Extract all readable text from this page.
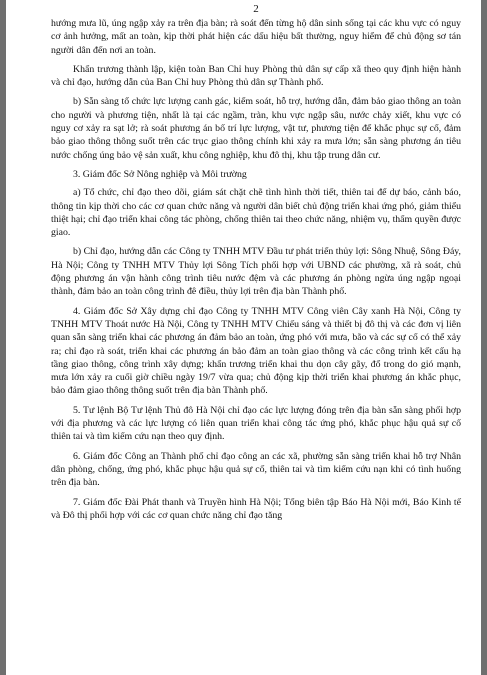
2

hướng mưa lũ, úng ngập xảy ra trên địa bàn; rà soát đến từng hộ dân sinh sống tại các khu vực có nguy cơ ảnh hưởng, mất an toàn, kịp thời phát hiện các dấu hiệu bất thường, nguy hiểm để chủ động sơ tán người dân đến nơi an toàn.

Khẩn trương thành lập, kiện toàn Ban Chỉ huy Phòng thủ dân sự cấp xã theo quy định hiện hành và chỉ đạo, hướng dẫn của Ban Chỉ huy Phòng thủ dân sự Thành phố.

b) Sẵn sàng tổ chức lực lượng canh gác, kiểm soát, hỗ trợ, hướng dẫn, đảm bảo giao thông an toàn cho người và phương tiện, nhất là tại các ngầm, tràn, khu vực ngập sâu, nước chảy xiết, khu vực có nguy cơ xảy ra sạt lở; rà soát phương án bố trí lực lượng, vật tư, phương tiện để khắc phục sự cố, đảm bảo giao thông thông suốt trên các trục giao thông chính khi xảy ra mưa lớn; sẵn sàng phương án tiêu nước chống úng bảo vệ sản xuất, khu công nghiệp, khu đô thị, khu tập trung dân cư.

3. Giám đốc Sở Nông nghiệp và Môi trường

a) Tổ chức, chỉ đạo theo dõi, giám sát chặt chẽ tình hình thời tiết, thiên tai để dự báo, cảnh báo, thông tin kịp thời cho các cơ quan chức năng và người dân biết chủ động triển khai ứng phó, giảm thiểu thiệt hại; chỉ đạo triển khai công tác phòng, chống thiên tai theo chức năng, nhiệm vụ, thẩm quyền được giao.

b) Chỉ đạo, hướng dẫn các Công ty TNHH MTV Đầu tư phát triển thủy lợi: Sông Nhuệ, Sông Đáy, Hà Nội; Công ty TNHH MTV Thủy lợi Sông Tích phối hợp với UBND các phường, xã rà soát, chủ động phương án vận hành công trình tiêu nước đệm và các phương án phòng ngừa úng ngập ngoại thành, đảm bảo an toàn công trình đê điều, thủy lợi trên địa bàn Thành phố.

4. Giám đốc Sở Xây dựng chỉ đạo Công ty TNHH MTV Công viên Cây xanh Hà Nội, Công ty TNHH MTV Thoát nước Hà Nội, Công ty TNHH MTV Chiếu sáng và thiết bị đô thị và các đơn vị liên quan sẵn sàng triển khai các phương án đảm bảo an toàn, ứng phó với mưa, bão và các sự cố có thể xảy ra; chỉ đạo rà soát, triển khai các phương án bảo đảm an toàn giao thông và các công trình kết cấu hạ tầng giao thông, công trình xây dựng; khẩn trương triển khai thu dọn cây gãy, đổ trong do gió mạnh, mưa lớn xảy ra cuối giờ chiều ngày 19/7 vừa qua; chủ động kịp thời triển khai phương án khắc phục, bảo đảm giao thông thông suốt trên địa bàn Thành phố.

5. Tư lệnh Bộ Tư lệnh Thủ đô Hà Nội chỉ đạo các lực lượng đóng trên địa bàn sẵn sàng phối hợp với địa phương và các lực lượng có liên quan triển khai công tác ứng phó, khắc phục hậu quả sự cố thiên tai và tìm kiếm cứu nạn theo quy định.

6. Giám đốc Công an Thành phố chỉ đạo công an các xã, phường sẵn sàng triển khai hỗ trợ Nhân dân phòng, chống, ứng phó, khắc phục hậu quả sự cố, thiên tai và tìm kiếm cứu nạn khi có tình huống trên địa bàn.

7. Giám đốc Đài Phát thanh và Truyền hình Hà Nội; Tổng biên tập Báo Hà Nội mới, Báo Kinh tế và Đô thị phối hợp với các cơ quan chức năng chỉ đạo tăng
